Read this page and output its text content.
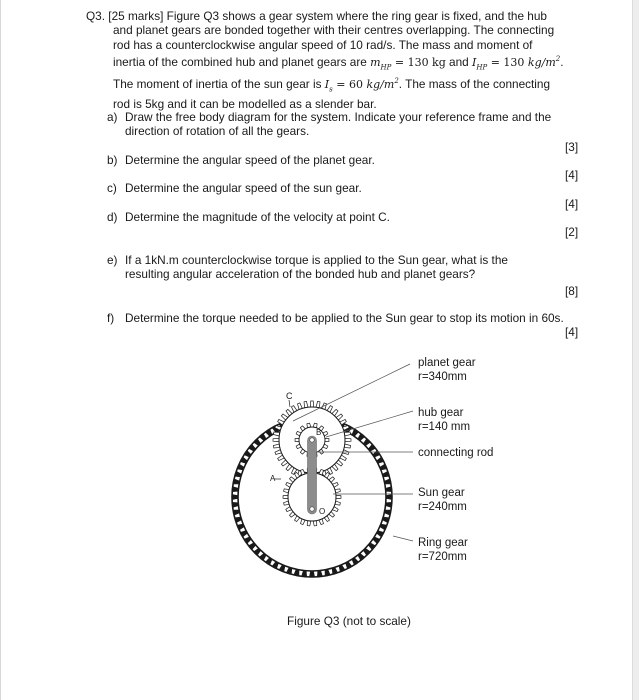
Q3. [25 marks] Figure Q3 shows a gear system where the ring gear is fixed, and the hub
and planet gears are bonded together with their centres overlapping. The connecting
rod has a counterclockwise angular speed of 10 rad/s. The mass and moment of
inertia of the combined hub and planet gears are $m_{HP} = 130$ kg and $I_{HP} = 130$ $kg/m^2$.
The moment of inertia of the sun gear is $I_s = 60$ $kg/m^2$. The mass of the connecting
rod is 5kg and it can be modelled as a slender bar.
a) Draw the free body diagram for the system. Indicate your reference frame and the
direction of rotation of all the gears.
[3]
b) Determine the angular speed of the planet gear.
[4]
c) Determine the angular speed of the sun gear.
[4]
d) Determine the magnitude of the velocity at point C.
[2]
e) If a 1kN.m counterclockwise torque is applied to the Sun gear, what is the
resulting angular acceleration of the bonded hub and planet gears?
[8]
f) Determine the torque needed to be applied to the Sun gear to stop its motion in 60s.
[4]
C
B
A
O
planet gear
r=340mm
hub gear
r=140 mm
connecting rod
Sun gear
r=240mm
Ring gear
r=720mm
Figure Q3 (not to scale)
